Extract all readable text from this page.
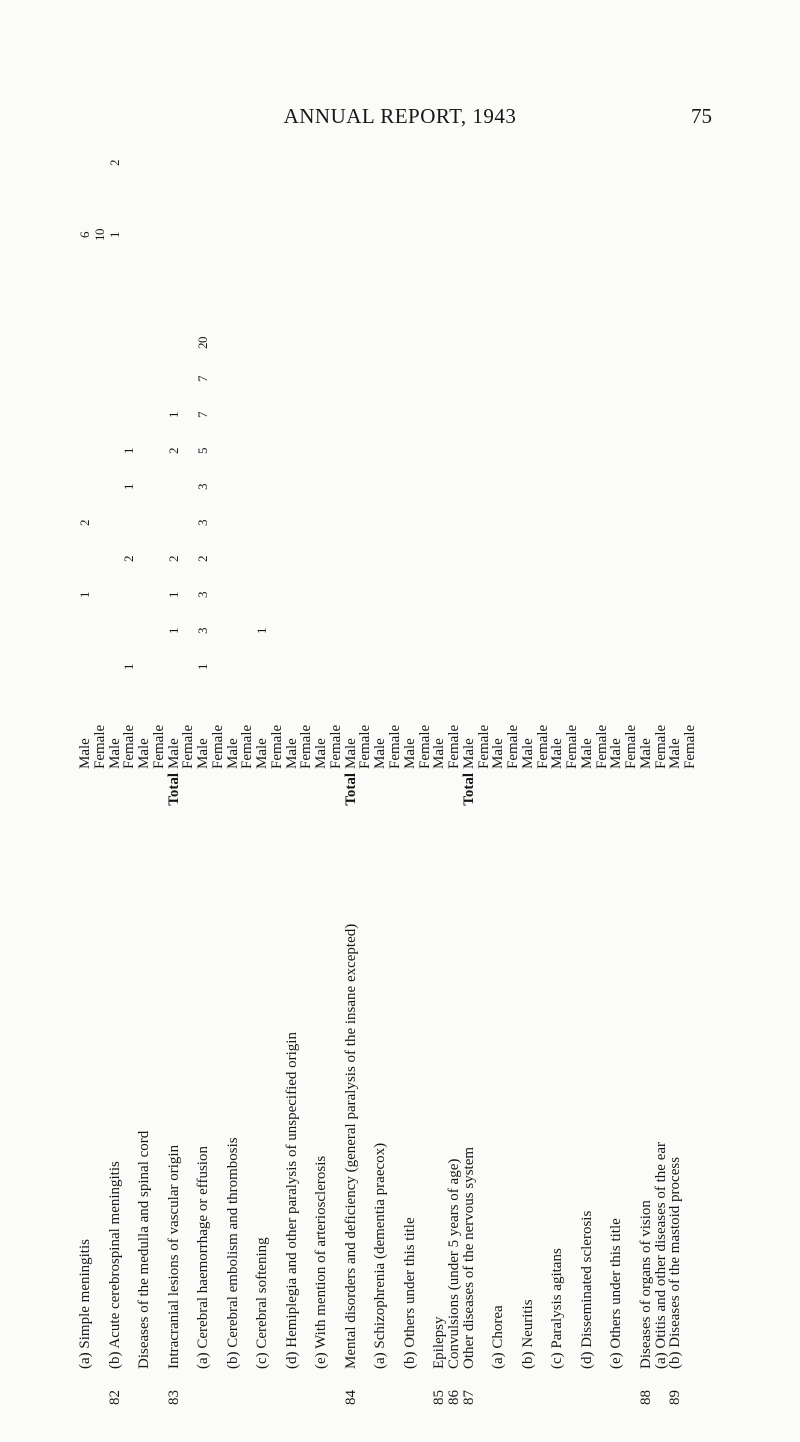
ANNUAL REPORT, 1943	75
(a) Simple meningitis
Male
1
2
6
Female
10
82
(b) Acute cerebrospinal meningitis
Male
1
2
Female
1
2
1
1
Diseases of the medulla and spinal cord
Male
Female
83
Intracranial lesions of vascular origin
Total
Male
1
1
2
2
1
Female
(a) Cerebral haemorrhage or effusion
Male
1
3
3
2
3
3
5
7
7
20
Female
(b) Cerebral embolism and thrombosis
Male
Female
(c) Cerebral softening
Male
1
Female
(d) Hemiplegia and other paralysis of unspecified origin
Male
Female
(e) With mention of arteriosclerosis
Male
Female
84
Mental disorders and deficiency (general paralysis of the insane excepted)
Total
Male
Female
(a) Schizophrenia (dementia praecox)
Male
Female
(b) Others under this title
Male
Female
85
Epilepsy
Male
86
Convulsions (under 5 years of age)
Female
87
Other diseases of the nervous system
Total
Male
Female
(a) Chorea
Male
Female
(b) Neuritis
Male
Female
(c) Paralysis agitans
Male
Female
(d) Disseminated sclerosis
Male
Female
(e) Others under this title
Male
Female
88
Diseases of organs of vision
Male
(a) Otitis and other diseases of the ear
Female
89
(b) Diseases of the mastoid process
Male
Female
